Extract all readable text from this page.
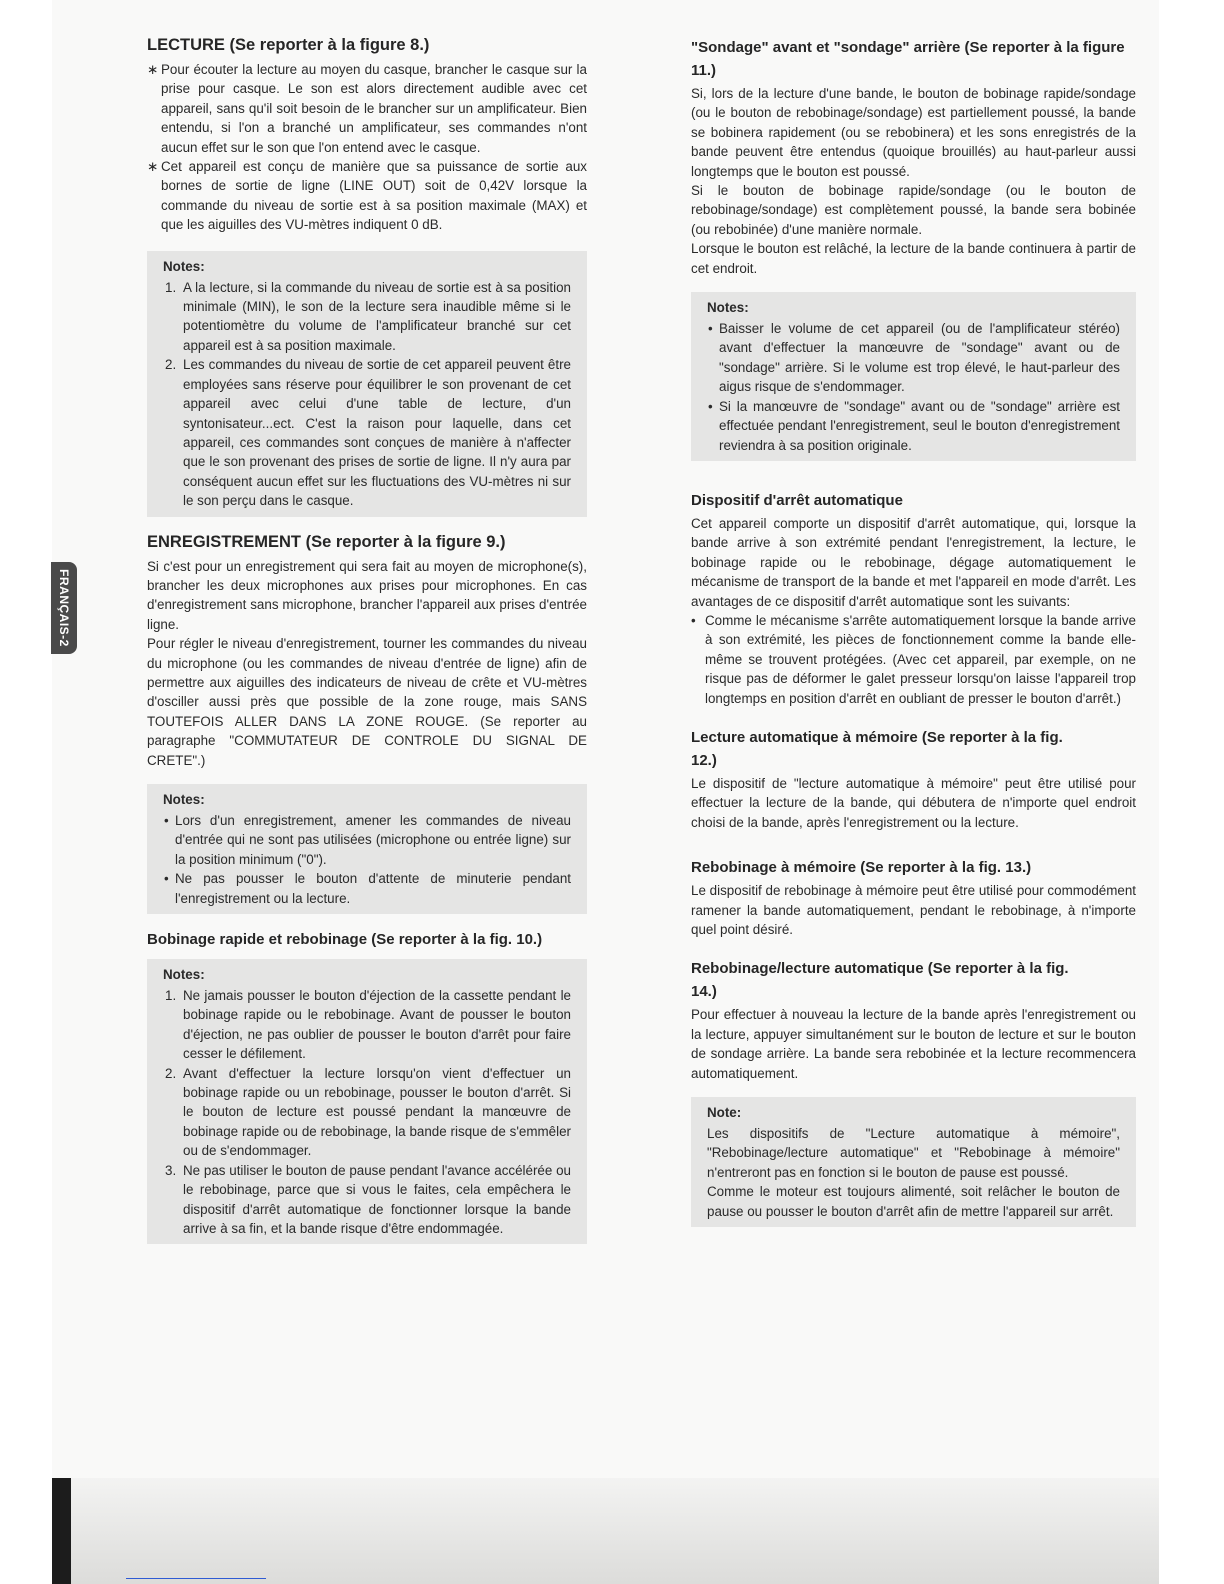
FRANÇAIS-2
LECTURE (Se reporter à la figure 8.)
∗ Pour écouter la lecture au moyen du casque, brancher le casque sur la prise pour casque. Le son est alors directement audible avec cet appareil, sans qu'il soit besoin de le brancher sur un amplificateur. Bien entendu, si l'on a branché un amplificateur, ses commandes n'ont aucun effet sur le son que l'on entend avec le casque.
∗ Cet appareil est conçu de manière que sa puissance de sortie aux bornes de sortie de ligne (LINE OUT) soit de 0,42V lorsque la commande du niveau de sortie est à sa position maximale (MAX) et que les aiguilles des VU-mètres indiquent 0 dB.
Notes:
1. A la lecture, si la commande du niveau de sortie est à sa position minimale (MIN), le son de la lecture sera inaudible même si le potentiomètre du volume de l'amplificateur branché sur cet appareil est à sa position maximale.
2. Les commandes du niveau de sortie de cet appareil peuvent être employées sans réserve pour équilibrer le son provenant de cet appareil avec celui d'une table de lecture, d'un syntonisateur...ect. C'est la raison pour laquelle, dans cet appareil, ces commandes sont conçues de manière à n'affecter que le son provenant des prises de sortie de ligne. Il n'y aura par conséquent aucun effet sur les fluctuations des VU-mètres ni sur le son perçu dans le casque.
ENREGISTREMENT (Se reporter à la figure 9.)

Si c'est pour un enregistrement qui sera fait au moyen de microphone(s), brancher les deux microphones aux prises pour microphones. En cas d'enregistrement sans microphone, brancher l'appareil aux prises d'entrée ligne.

Pour régler le niveau d'enregistrement, tourner les commandes du niveau du microphone (ou les commandes de niveau d'entrée de ligne) afin de permettre aux aiguilles des indicateurs de niveau de crête et VU-mètres d'osciller aussi près que possible de la zone rouge, mais SANS TOUTEFOIS ALLER DANS LA ZONE ROUGE. (Se reporter au paragraphe "COMMUTATEUR DE CONTROLE DU SIGNAL DE CRETE".)

Notes:
• Lors d'un enregistrement, amener les commandes de niveau d'entrée qui ne sont pas utilisées (microphone ou entrée ligne) sur la position minimum ("0").
• Ne pas pousser le bouton d'attente de minuterie pendant l'enregistrement ou la lecture.
Bobinage rapide et rebobinage (Se reporter à la fig. 10.)
Notes:
1. Ne jamais pousser le bouton d'éjection de la cassette pendant le bobinage rapide ou le rebobinage. Avant de pousser le bouton d'éjection, ne pas oublier de pousser le bouton d'arrêt pour faire cesser le défilement.
2. Avant d'effectuer la lecture lorsqu'on vient d'effectuer un bobinage rapide ou un rebobinage, pousser le bouton d'arrêt. Si le bouton de lecture est poussé pendant la manœuvre de bobinage rapide ou de rebobinage, la bande risque de s'emmêler ou de s'endommager.
3. Ne pas utiliser le bouton de pause pendant l'avance accélérée ou le rebobinage, parce que si vous le faites, cela empêchera le dispositif d'arrêt automatique de fonctionner lorsque la bande arrive à sa fin, et la bande risque d'être endommagée.
"Sondage" avant et "sondage" arrière (Se reporter à la figure 11.)

Si, lors de la lecture d'une bande, le bouton de bobinage rapide/sondage (ou le bouton de rebobinage/sondage) est partiellement poussé, la bande se bobinera rapidement (ou se rebobinera) et les sons enregistrés de la bande peuvent être entendus (quoique brouillés) au haut-parleur aussi longtemps que le bouton est poussé.

Si le bouton de bobinage rapide/sondage (ou le bouton de rebobinage/sondage) est complètement poussé, la bande sera bobinée (ou rebobinée) d'une manière normale.

Lorsque le bouton est relâché, la lecture de la bande continuera à partir de cet endroit.

Notes:
• Baisser le volume de cet appareil (ou de l'amplificateur stéréo) avant d'effectuer la manœuvre de "sondage" avant ou de "sondage" arrière. Si le volume est trop élevé, le haut-parleur des aigus risque de s'endommager.
• Si la manœuvre de "sondage" avant ou de "sondage" arrière est effectuée pendant l'enregistrement, seul le bouton d'enregistrement reviendra à sa position originale.
Dispositif d'arrêt automatique

Cet appareil comporte un dispositif d'arrêt automatique, qui, lorsque la bande arrive à son extrémité pendant l'enregistrement, la lecture, le bobinage rapide ou le rebobinage, dégage automatiquement le mécanisme de transport de la bande et met l'appareil en mode d'arrêt. Les avantages de ce dispositif d'arrêt automatique sont les suivants:

• Comme le mécanisme s'arrête automatiquement lorsque la bande arrive à son extrémité, les pièces de fonctionnement comme la bande elle-même se trouvent protégées. (Avec cet appareil, par exemple, on ne risque pas de déformer le galet presseur lorsqu'on laisse l'appareil trop longtemps en position d'arrêt en oubliant de presser le bouton d'arrêt.)
Lecture automatique à mémoire (Se reporter à la fig. 12.)

Le dispositif de "lecture automatique à mémoire" peut être utilisé pour effectuer la lecture de la bande, qui débutera de n'importe quel endroit choisi de la bande, après l'enregistrement ou la lecture.

Rebobinage à mémoire (Se reporter à la fig. 13.)

Le dispositif de rebobinage à mémoire peut être utilisé pour commodément ramener la bande automatiquement, pendant le rebobinage, à n'importe quel point désiré.

Rebobinage/lecture automatique (Se reporter à la fig. 14.)

Pour effectuer à nouveau la lecture de la bande après l'enregistrement ou la lecture, appuyer simultanément sur le bouton de lecture et sur le bouton de sondage arrière. La bande sera rebobinée et la lecture recommencera automatiquement.

Note:

Les dispositifs de "Lecture automatique à mémoire", "Rebobinage/lecture automatique" et "Rebobinage à mémoire" n'entreront pas en fonction si le bouton de pause est poussé.

Comme le moteur est toujours alimenté, soit relâcher le bouton de pause ou pousser le bouton d'arrêt afin de mettre l'appareil sur arrêt.
